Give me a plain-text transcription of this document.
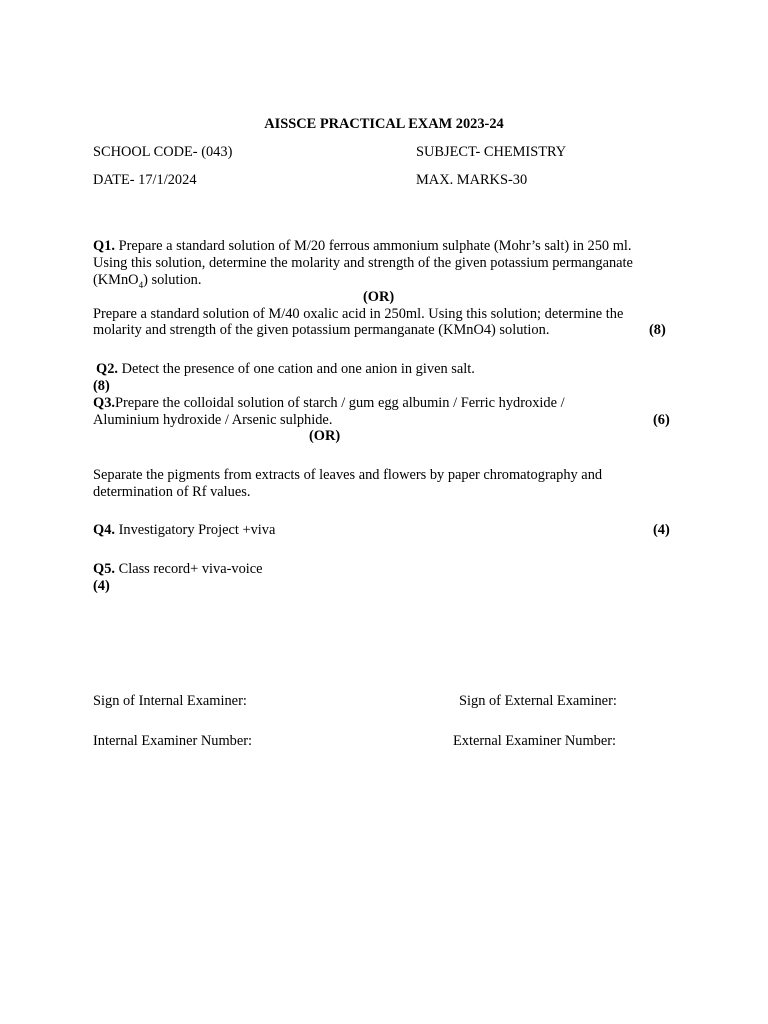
AISSCE PRACTICAL EXAM 2023-24
SCHOOL CODE- (043)	SUBJECT- CHEMISTRY
DATE- 17/1/2024	MAX. MARKS-30
Q1. Prepare a standard solution of M/20 ferrous ammonium sulphate (Mohr’s salt) in 250 ml.
Using this solution, determine the molarity and strength of the given potassium permanganate
(KMnO$_4$) solution.
(OR)
Prepare a standard solution of M/40 oxalic acid in 250ml. Using this solution; determine the
molarity and strength of the given potassium permanganate (KMnO4) solution.	(8)
Q2. Detect the presence of one cation and one anion in given salt.
(8)
Q3.Prepare the colloidal solution of starch / gum egg albumin / Ferric hydroxide /
Aluminium hydroxide / Arsenic sulphide.	(6)
(OR)
Separate the pigments from extracts of leaves and flowers by paper chromatography and
determination of Rf values.
Q4. Investigatory Project +viva	(4)
Q5. Class record+ viva-voice
(4)
Sign of Internal Examiner:	Sign of External Examiner:
Internal Examiner Number:	External Examiner Number:
